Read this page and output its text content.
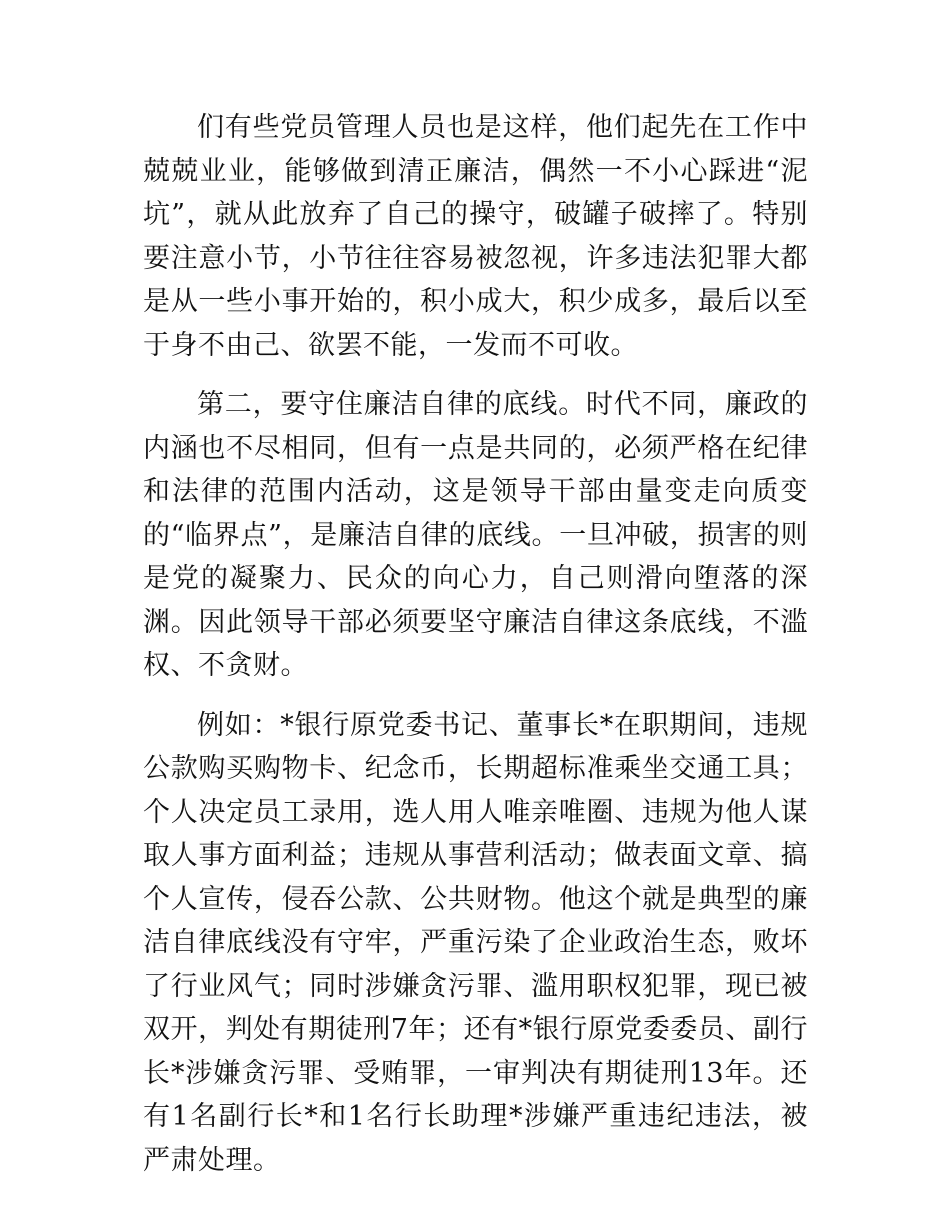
们有些党员管理人员也是这样，他们起先在工作中兢兢业业，能够做到清正廉洁，偶然一不小心踩进“泥坑”，就从此放弃了自己的操守，破罐子破摔了。特别要注意小节，小节往往容易被忽视，许多违法犯罪大都是从一些小事开始的，积小成大，积少成多，最后以至于身不由己、欲罢不能，一发而不可收。

第二，要守住廉洁自律的底线。时代不同，廉政的内涵也不尽相同，但有一点是共同的，必须严格在纪律和法律的范围内活动，这是领导干部由量变走向质变的“临界点”，是廉洁自律的底线。一旦冲破，损害的则是党的凝聚力、民众的向心力，自己则滑向堕落的深渊。因此领导干部必须要坚守廉洁自律这条底线，不滥权、不贪财。

例如：*银行原党委书记、董事长*在职期间，违规公款购买购物卡、纪念币，长期超标准乘坐交通工具；个人决定员工录用，选人用人唯亲唯圈、违规为他人谋取人事方面利益；违规从事营利活动；做表面文章、搞个人宣传，侵吞公款、公共财物。他这个就是典型的廉洁自律底线没有守牢，严重污染了企业政治生态，败坏了行业风气；同时涉嫌贪污罪、滥用职权犯罪，现已被双开，判处有期徒刑7年；还有*银行原党委委员、副行长*涉嫌贪污罪、受贿罪，一审判决有期徒刑13年。还有1名副行长*和1名行长助理*涉嫌严重违纪违法，被严肃处理。
